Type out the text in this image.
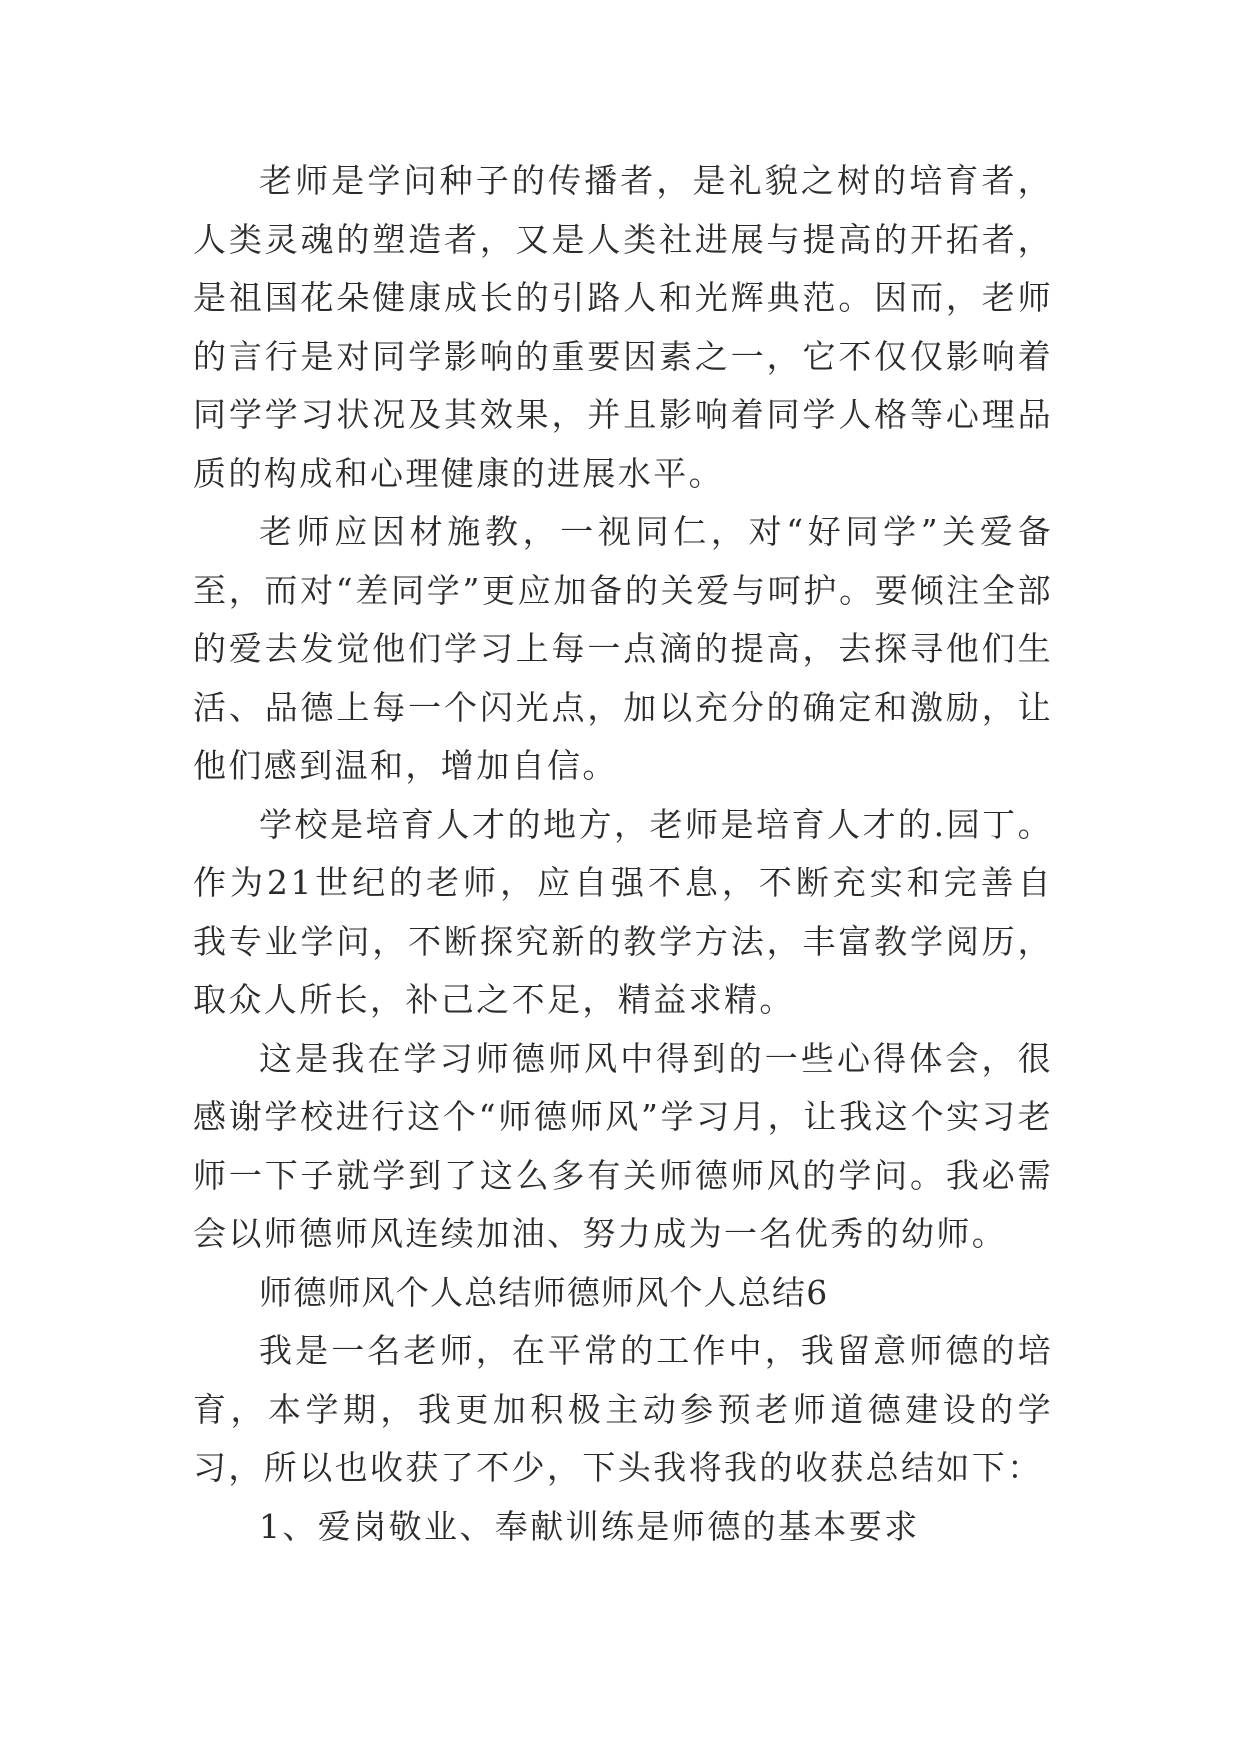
老师是学问种子的传播者，是礼貌之树的培育者，人类灵魂的塑造者，又是人类社进展与提高的开拓者，是祖国花朵健康成长的引路人和光辉典范。因而，老师的言行是对同学影响的重要因素之一，它不仅仅影响着同学学习状况及其效果，并且影响着同学人格等心理品质的构成和心理健康的进展水平。

老师应因材施教，一视同仁，对“好同学”关爱备至，而对“差同学”更应加备的关爱与呵护。要倾注全部的爱去发觉他们学习上每一点滴的提高，去探寻他们生活、品德上每一个闪光点，加以充分的确定和激励，让他们感到温和，增加自信。

学校是培育人才的地方，老师是培育人才的.园丁。作为21世纪的老师，应自强不息，不断充实和完善自我专业学问，不断探究新的教学方法，丰富教学阅历，取众人所长，补己之不足，精益求精。

这是我在学习师德师风中得到的一些心得体会，很感谢学校进行这个“师德师风”学习月，让我这个实习老师一下子就学到了这么多有关师德师风的学问。我必需会以师德师风连续加油、努力成为一名优秀的幼师。

师德师风个人总结师德师风个人总结6

我是一名老师，在平常的工作中，我留意师德的培育，本学期，我更加积极主动参预老师道德建设的学习，所以也收获了不少，下头我将我的收获总结如下：

1、爱岗敬业、奉献训练是师德的基本要求
